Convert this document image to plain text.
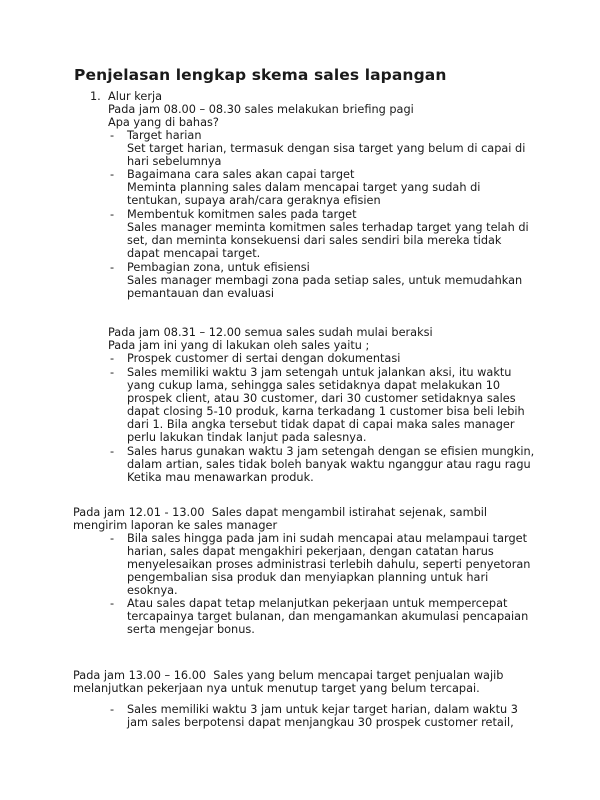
Penjelasan lengkap skema sales lapangan
1. Alur kerja
Pada jam 08.00 – 08.30 sales melakukan briefing pagi
Apa yang di bahas?
- Target harian
Set target harian, termasuk dengan sisa target yang belum di capai di
hari sebelumnya
- Bagaimana cara sales akan capai target
Meminta planning sales dalam mencapai target yang sudah di
tentukan, supaya arah/cara geraknya efisien
- Membentuk komitmen sales pada target
Sales manager meminta komitmen sales terhadap target yang telah di
set, dan meminta konsekuensi dari sales sendiri bila mereka tidak
dapat mencapai target.
- Pembagian zona, untuk efisiensi
Sales manager membagi zona pada setiap sales, untuk memudahkan
pemantauan dan evaluasi
Pada jam 08.31 – 12.00 semua sales sudah mulai beraksi
Pada jam ini yang di lakukan oleh sales yaitu ;
- Prospek customer di sertai dengan dokumentasi
- Sales memiliki waktu 3 jam setengah untuk jalankan aksi, itu waktu
yang cukup lama, sehingga sales setidaknya dapat melakukan 10
prospek client, atau 30 customer, dari 30 customer setidaknya sales
dapat closing 5-10 produk, karna terkadang 1 customer bisa beli lebih
dari 1. Bila angka tersebut tidak dapat di capai maka sales manager
perlu lakukan tindak lanjut pada salesnya.
- Sales harus gunakan waktu 3 jam setengah dengan se efisien mungkin,
dalam artian, sales tidak boleh banyak waktu nganggur atau ragu ragu
Ketika mau menawarkan produk.
Pada jam 12.01 - 13.00  Sales dapat mengambil istirahat sejenak, sambil
mengirim laporan ke sales manager
- Bila sales hingga pada jam ini sudah mencapai atau melampaui target
harian, sales dapat mengakhiri pekerjaan, dengan catatan harus
menyelesaikan proses administrasi terlebih dahulu, seperti penyetoran
pengembalian sisa produk dan menyiapkan planning untuk hari
esoknya.
- Atau sales dapat tetap melanjutkan pekerjaan untuk mempercepat
tercapainya target bulanan, dan mengamankan akumulasi pencapaian
serta mengejar bonus.
Pada jam 13.00 – 16.00  Sales yang belum mencapai target penjualan wajib
melanjutkan pekerjaan nya untuk menutup target yang belum tercapai.
- Sales memiliki waktu 3 jam untuk kejar target harian, dalam waktu 3
jam sales berpotensi dapat menjangkau 30 prospek customer retail,
